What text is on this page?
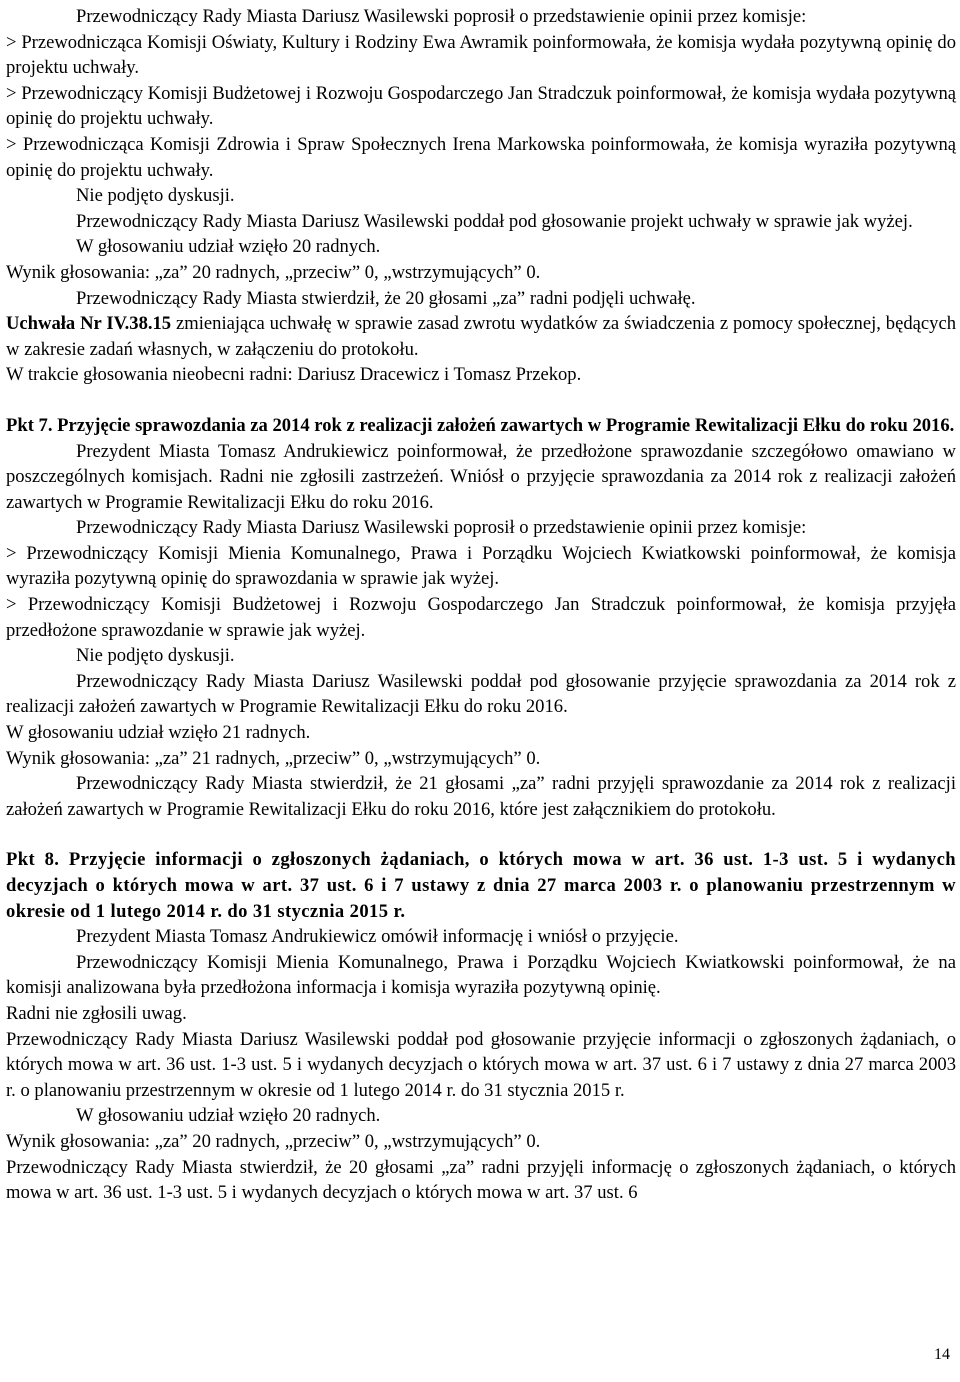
Przewodniczący Rady Miasta Dariusz Wasilewski poprosił o przedstawienie opinii przez komisje:

> Przewodnicząca Komisji Oświaty, Kultury i Rodziny Ewa Awramik poinformowała, że komisja wydała pozytywną opinię do projektu uchwały.

> Przewodniczący Komisji Budżetowej i Rozwoju Gospodarczego Jan Stradczuk poinformował, że komisja wydała pozytywną opinię do projektu uchwały.

> Przewodnicząca Komisji Zdrowia i Spraw Społecznych Irena Markowska poinformowała, że komisja wyraziła pozytywną opinię do projektu uchwały.

Nie podjęto dyskusji.

Przewodniczący Rady Miasta Dariusz Wasilewski poddał pod głosowanie projekt uchwały w sprawie jak wyżej.

W głosowaniu udział wzięło 20 radnych.

Wynik głosowania: „za” 20 radnych, „przeciw” 0, „wstrzymujących” 0.

Przewodniczący Rady Miasta stwierdził, że 20 głosami „za” radni podjęli uchwałę.

Uchwała Nr IV.38.15 zmieniająca uchwałę w sprawie zasad zwrotu wydatków za świadczenia z pomocy społecznej, będących w zakresie zadań własnych, w załączeniu do protokołu.

W trakcie głosowania nieobecni radni: Dariusz Dracewicz i Tomasz Przekop.

Pkt 7. Przyjęcie sprawozdania za 2014 rok z realizacji założeń zawartych w Programie Rewitalizacji Ełku do roku 2016.

Prezydent Miasta Tomasz Andrukiewicz poinformował, że przedłożone sprawozdanie szczegółowo omawiano w poszczególnych komisjach. Radni nie zgłosili zastrzeżeń. Wniósł o przyjęcie sprawozdania za 2014 rok z realizacji założeń zawartych w Programie Rewitalizacji Ełku do roku 2016.

Przewodniczący Rady Miasta Dariusz Wasilewski poprosił o przedstawienie opinii przez komisje:

> Przewodniczący Komisji Mienia Komunalnego, Prawa i Porządku Wojciech Kwiatkowski poinformował, że komisja wyraziła pozytywną opinię do sprawozdania w sprawie jak wyżej.

> Przewodniczący Komisji Budżetowej i Rozwoju Gospodarczego Jan Stradczuk poinformował, że komisja przyjęła przedłożone sprawozdanie w sprawie jak wyżej.

Nie podjęto dyskusji.

Przewodniczący Rady Miasta Dariusz Wasilewski poddał pod głosowanie przyjęcie sprawozdania za 2014 rok z realizacji założeń zawartych w Programie Rewitalizacji Ełku do roku 2016.

W głosowaniu udział wzięło 21 radnych.

Wynik głosowania: „za” 21 radnych, „przeciw” 0, „wstrzymujących” 0.

Przewodniczący Rady Miasta stwierdził, że 21 głosami „za” radni przyjęli sprawozdanie za 2014 rok z realizacji założeń zawartych w Programie Rewitalizacji Ełku do roku 2016, które jest załącznikiem do protokołu.

Pkt 8. Przyjęcie informacji o zgłoszonych żądaniach, o których mowa w art. 36 ust. 1-3 ust. 5 i wydanych decyzjach o których mowa w art. 37 ust. 6 i 7 ustawy z dnia 27 marca 2003 r. o planowaniu przestrzennym w okresie od 1 lutego 2014 r. do 31 stycznia 2015 r.

Prezydent Miasta Tomasz Andrukiewicz omówił informację i wniósł o przyjęcie.

Przewodniczący Komisji Mienia Komunalnego, Prawa i Porządku Wojciech Kwiatkowski poinformował, że na komisji analizowana była przedłożona informacja i komisja wyraziła pozytywną opinię.

Radni nie zgłosili uwag.

Przewodniczący Rady Miasta Dariusz Wasilewski poddał pod głosowanie przyjęcie informacji o zgłoszonych żądaniach, o których mowa w art. 36 ust. 1-3 ust. 5 i wydanych decyzjach o których mowa w art. 37 ust. 6 i 7 ustawy z dnia 27 marca 2003 r. o planowaniu przestrzennym w okresie od 1 lutego 2014 r. do 31 stycznia 2015 r.

W głosowaniu udział wzięło 20 radnych.

Wynik głosowania: „za” 20 radnych, „przeciw” 0, „wstrzymujących” 0.

Przewodniczący Rady Miasta stwierdził, że 20 głosami „za” radni przyjęli informację o zgłoszonych żądaniach, o których mowa w art. 36 ust. 1-3 ust. 5 i wydanych decyzjach o których mowa w art. 37 ust. 6

14
